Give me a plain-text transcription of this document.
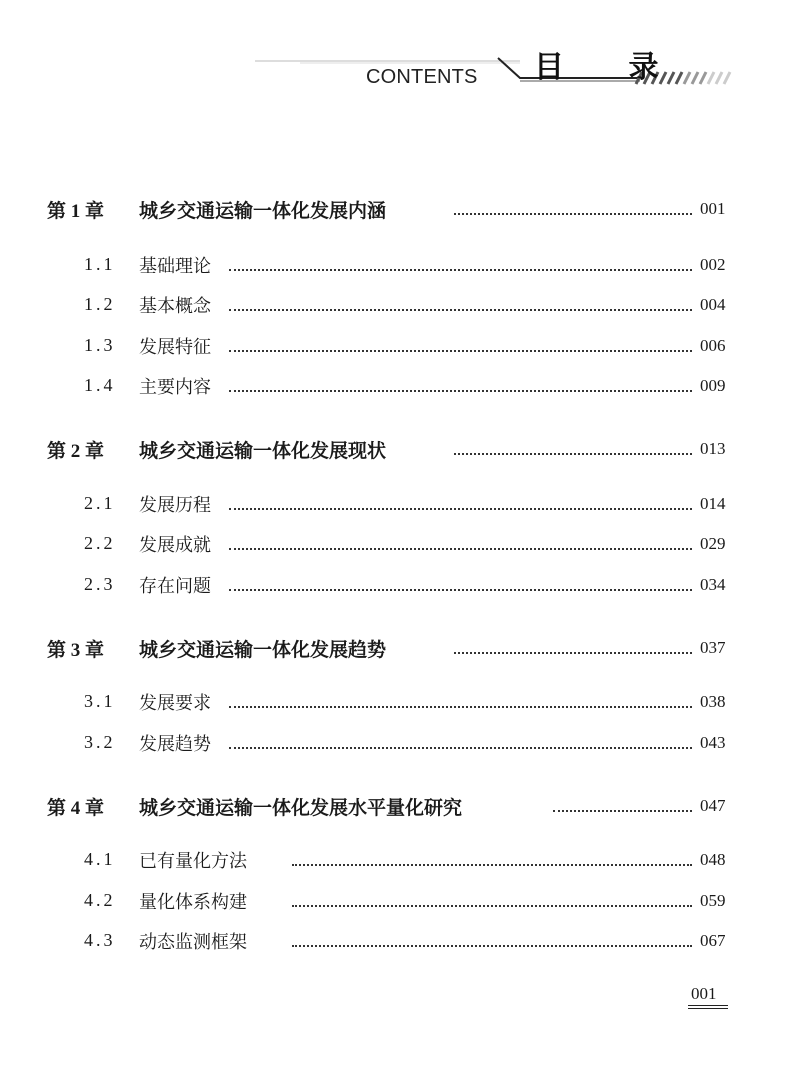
目 录
CONTENTS
第 1 章 城乡交通运输一体化发展内涵	001
1.1 基础理论	002
1.2 基本概念	004
1.3 发展特征	006
1.4 主要内容	009
第 2 章 城乡交通运输一体化发展现状	013
2.1 发展历程	014
2.2 发展成就	029
2.3 存在问题	034
第 3 章 城乡交通运输一体化发展趋势	037
3.1 发展要求	038
3.2 发展趋势	043
第 4 章 城乡交通运输一体化发展水平量化研究	047
4.1 已有量化方法	048
4.2 量化体系构建	059
4.3 动态监测框架	067
001
